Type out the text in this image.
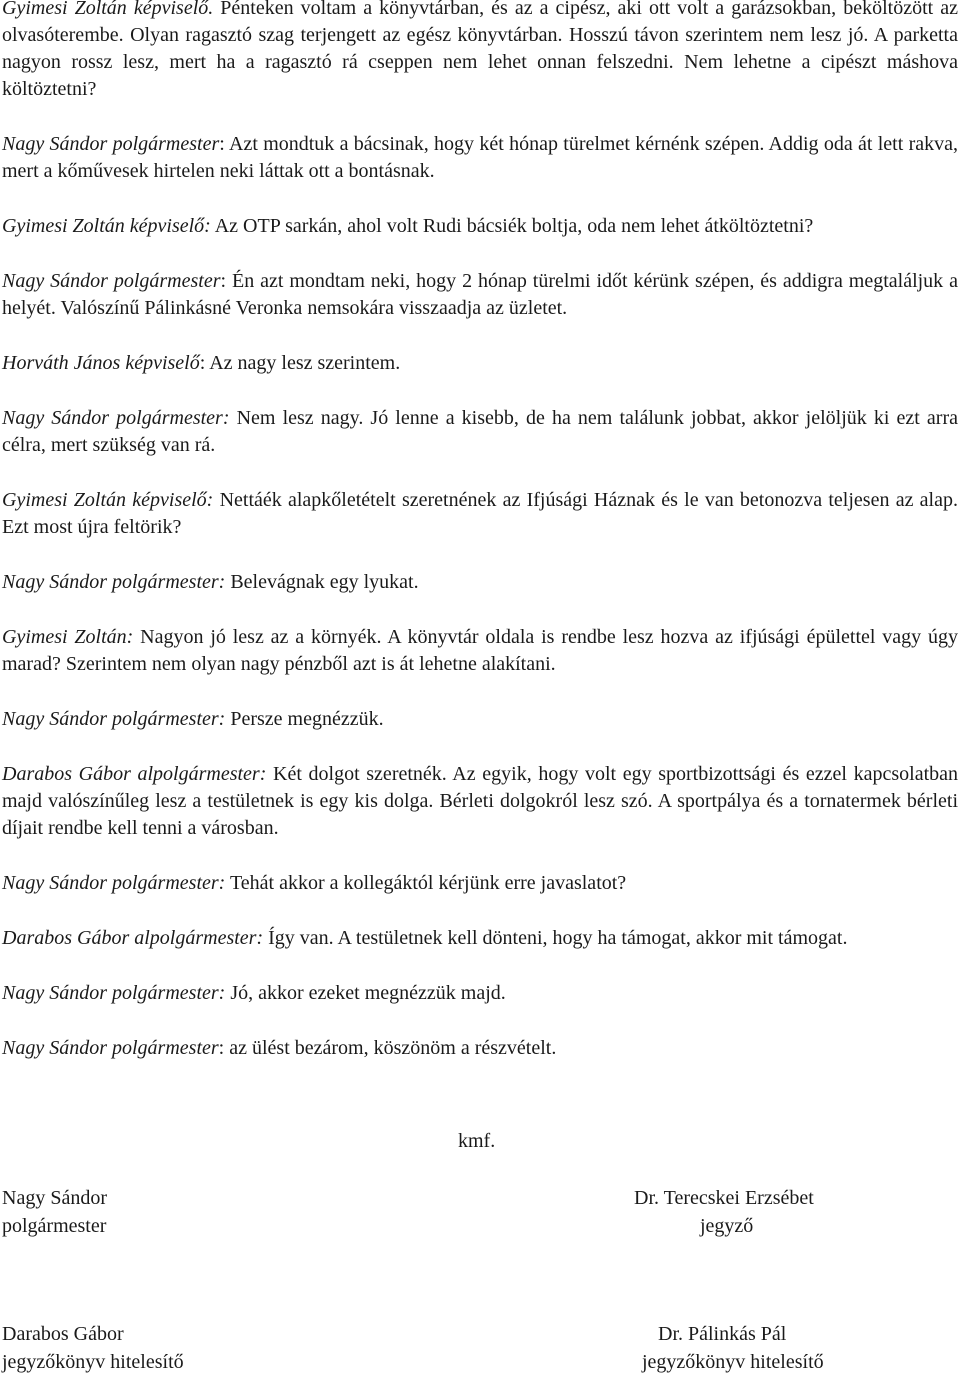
Gyimesi Zoltán képviselő. Pénteken voltam a könyvtárban, és az a cipész, aki ott volt a garázsokban, beköltözött az olvasóterembe. Olyan ragasztó szag terjengett az egész könyvtárban. Hosszú távon szerintem nem lesz jó. A parketta nagyon rossz lesz, mert ha a ragasztó rá cseppen nem lehet onnan felszedni. Nem lehetne a cipészt máshova költöztetni?

Nagy Sándor polgármester: Azt mondtuk a bácsinak, hogy két hónap türelmet kérnénk szépen. Addig oda át lett rakva, mert a kőművesek hirtelen neki láttak ott a bontásnak.

Gyimesi Zoltán képviselő: Az OTP sarkán, ahol volt Rudi bácsiék boltja, oda nem lehet átköltöztetni?

Nagy Sándor polgármester: Én azt mondtam neki, hogy 2 hónap türelmi időt kérünk szépen, és addigra megtaláljuk a helyét. Valószínű Pálinkásné Veronka nemsokára visszaadja az üzletet.

Horváth János képviselő: Az nagy lesz szerintem.

Nagy Sándor polgármester: Nem lesz nagy. Jó lenne a kisebb, de ha nem találunk jobbat, akkor jelöljük ki ezt arra célra, mert szükség van rá.

Gyimesi Zoltán képviselő: Nettáék alapkőletételt szeretnének az Ifjúsági Háznak és le van betonozva teljesen az alap. Ezt most újra feltörik?

Nagy Sándor polgármester: Belevágnak egy lyukat.

Gyimesi Zoltán: Nagyon jó lesz az a környék. A könyvtár oldala is rendbe lesz hozva az ifjúsági épülettel vagy úgy marad? Szerintem nem olyan nagy pénzből azt is át lehetne alakítani.

Nagy Sándor polgármester: Persze megnézzük.

Darabos Gábor alpolgármester: Két dolgot szeretnék. Az egyik, hogy volt egy sportbizottsági és ezzel kapcsolatban majd valószínűleg lesz a testületnek is egy kis dolga. Bérleti dolgokról lesz szó. A sportpálya és a tornatermek bérleti díjait rendbe kell tenni a városban.

Nagy Sándor polgármester: Tehát akkor a kollegáktól kérjünk erre javaslatot?

Darabos Gábor alpolgármester: Így van. A testületnek kell dönteni, hogy ha támogat, akkor mit támogat.

Nagy Sándor polgármester: Jó, akkor ezeket megnézzük majd.

Nagy Sándor polgármester: az ülést bezárom, köszönöm a részvételt.

kmf.
Nagy Sándor
polgármester
Dr. Terecskei Erzsébet
jegyző
Darabos Gábor
jegyzőkönyv hitelesítő
Dr. Pálinkás Pál
jegyzőkönyv hitelesítő
